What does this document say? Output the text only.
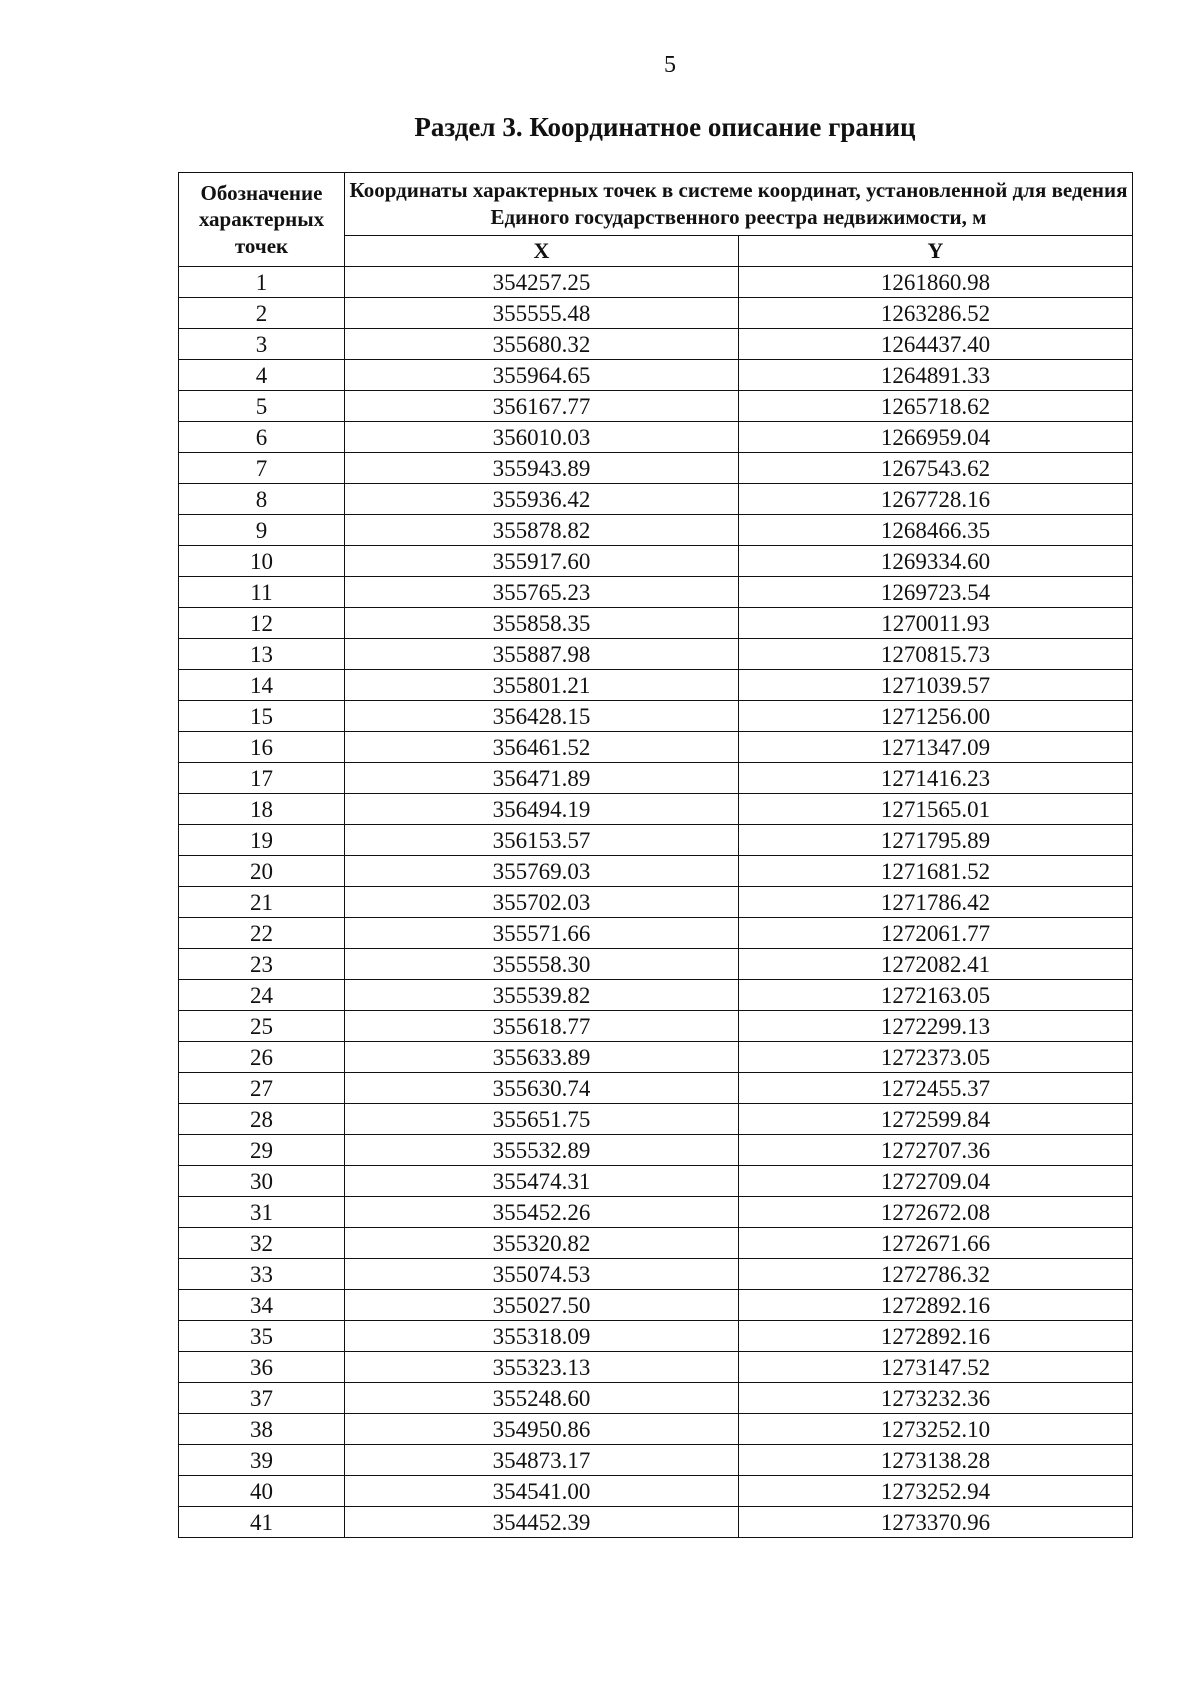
5
Раздел 3. Координатное описание границ
Обозначение характерных точек	Координаты характерных точек в системе координат, установленной для ведения Единого государственного реестра недвижимости, м	
	X	Y
1	354257.25	1261860.98
2	355555.48	1263286.52
3	355680.32	1264437.40
4	355964.65	1264891.33
5	356167.77	1265718.62
6	356010.03	1266959.04
7	355943.89	1267543.62
8	355936.42	1267728.16
9	355878.82	1268466.35
10	355917.60	1269334.60
11	355765.23	1269723.54
12	355858.35	1270011.93
13	355887.98	1270815.73
14	355801.21	1271039.57
15	356428.15	1271256.00
16	356461.52	1271347.09
17	356471.89	1271416.23
18	356494.19	1271565.01
19	356153.57	1271795.89
20	355769.03	1271681.52
21	355702.03	1271786.42
22	355571.66	1272061.77
23	355558.30	1272082.41
24	355539.82	1272163.05
25	355618.77	1272299.13
26	355633.89	1272373.05
27	355630.74	1272455.37
28	355651.75	1272599.84
29	355532.89	1272707.36
30	355474.31	1272709.04
31	355452.26	1272672.08
32	355320.82	1272671.66
33	355074.53	1272786.32
34	355027.50	1272892.16
35	355318.09	1272892.16
36	355323.13	1273147.52
37	355248.60	1273232.36
38	354950.86	1273252.10
39	354873.17	1273138.28
40	354541.00	1273252.94
41	354452.39	1273370.96
